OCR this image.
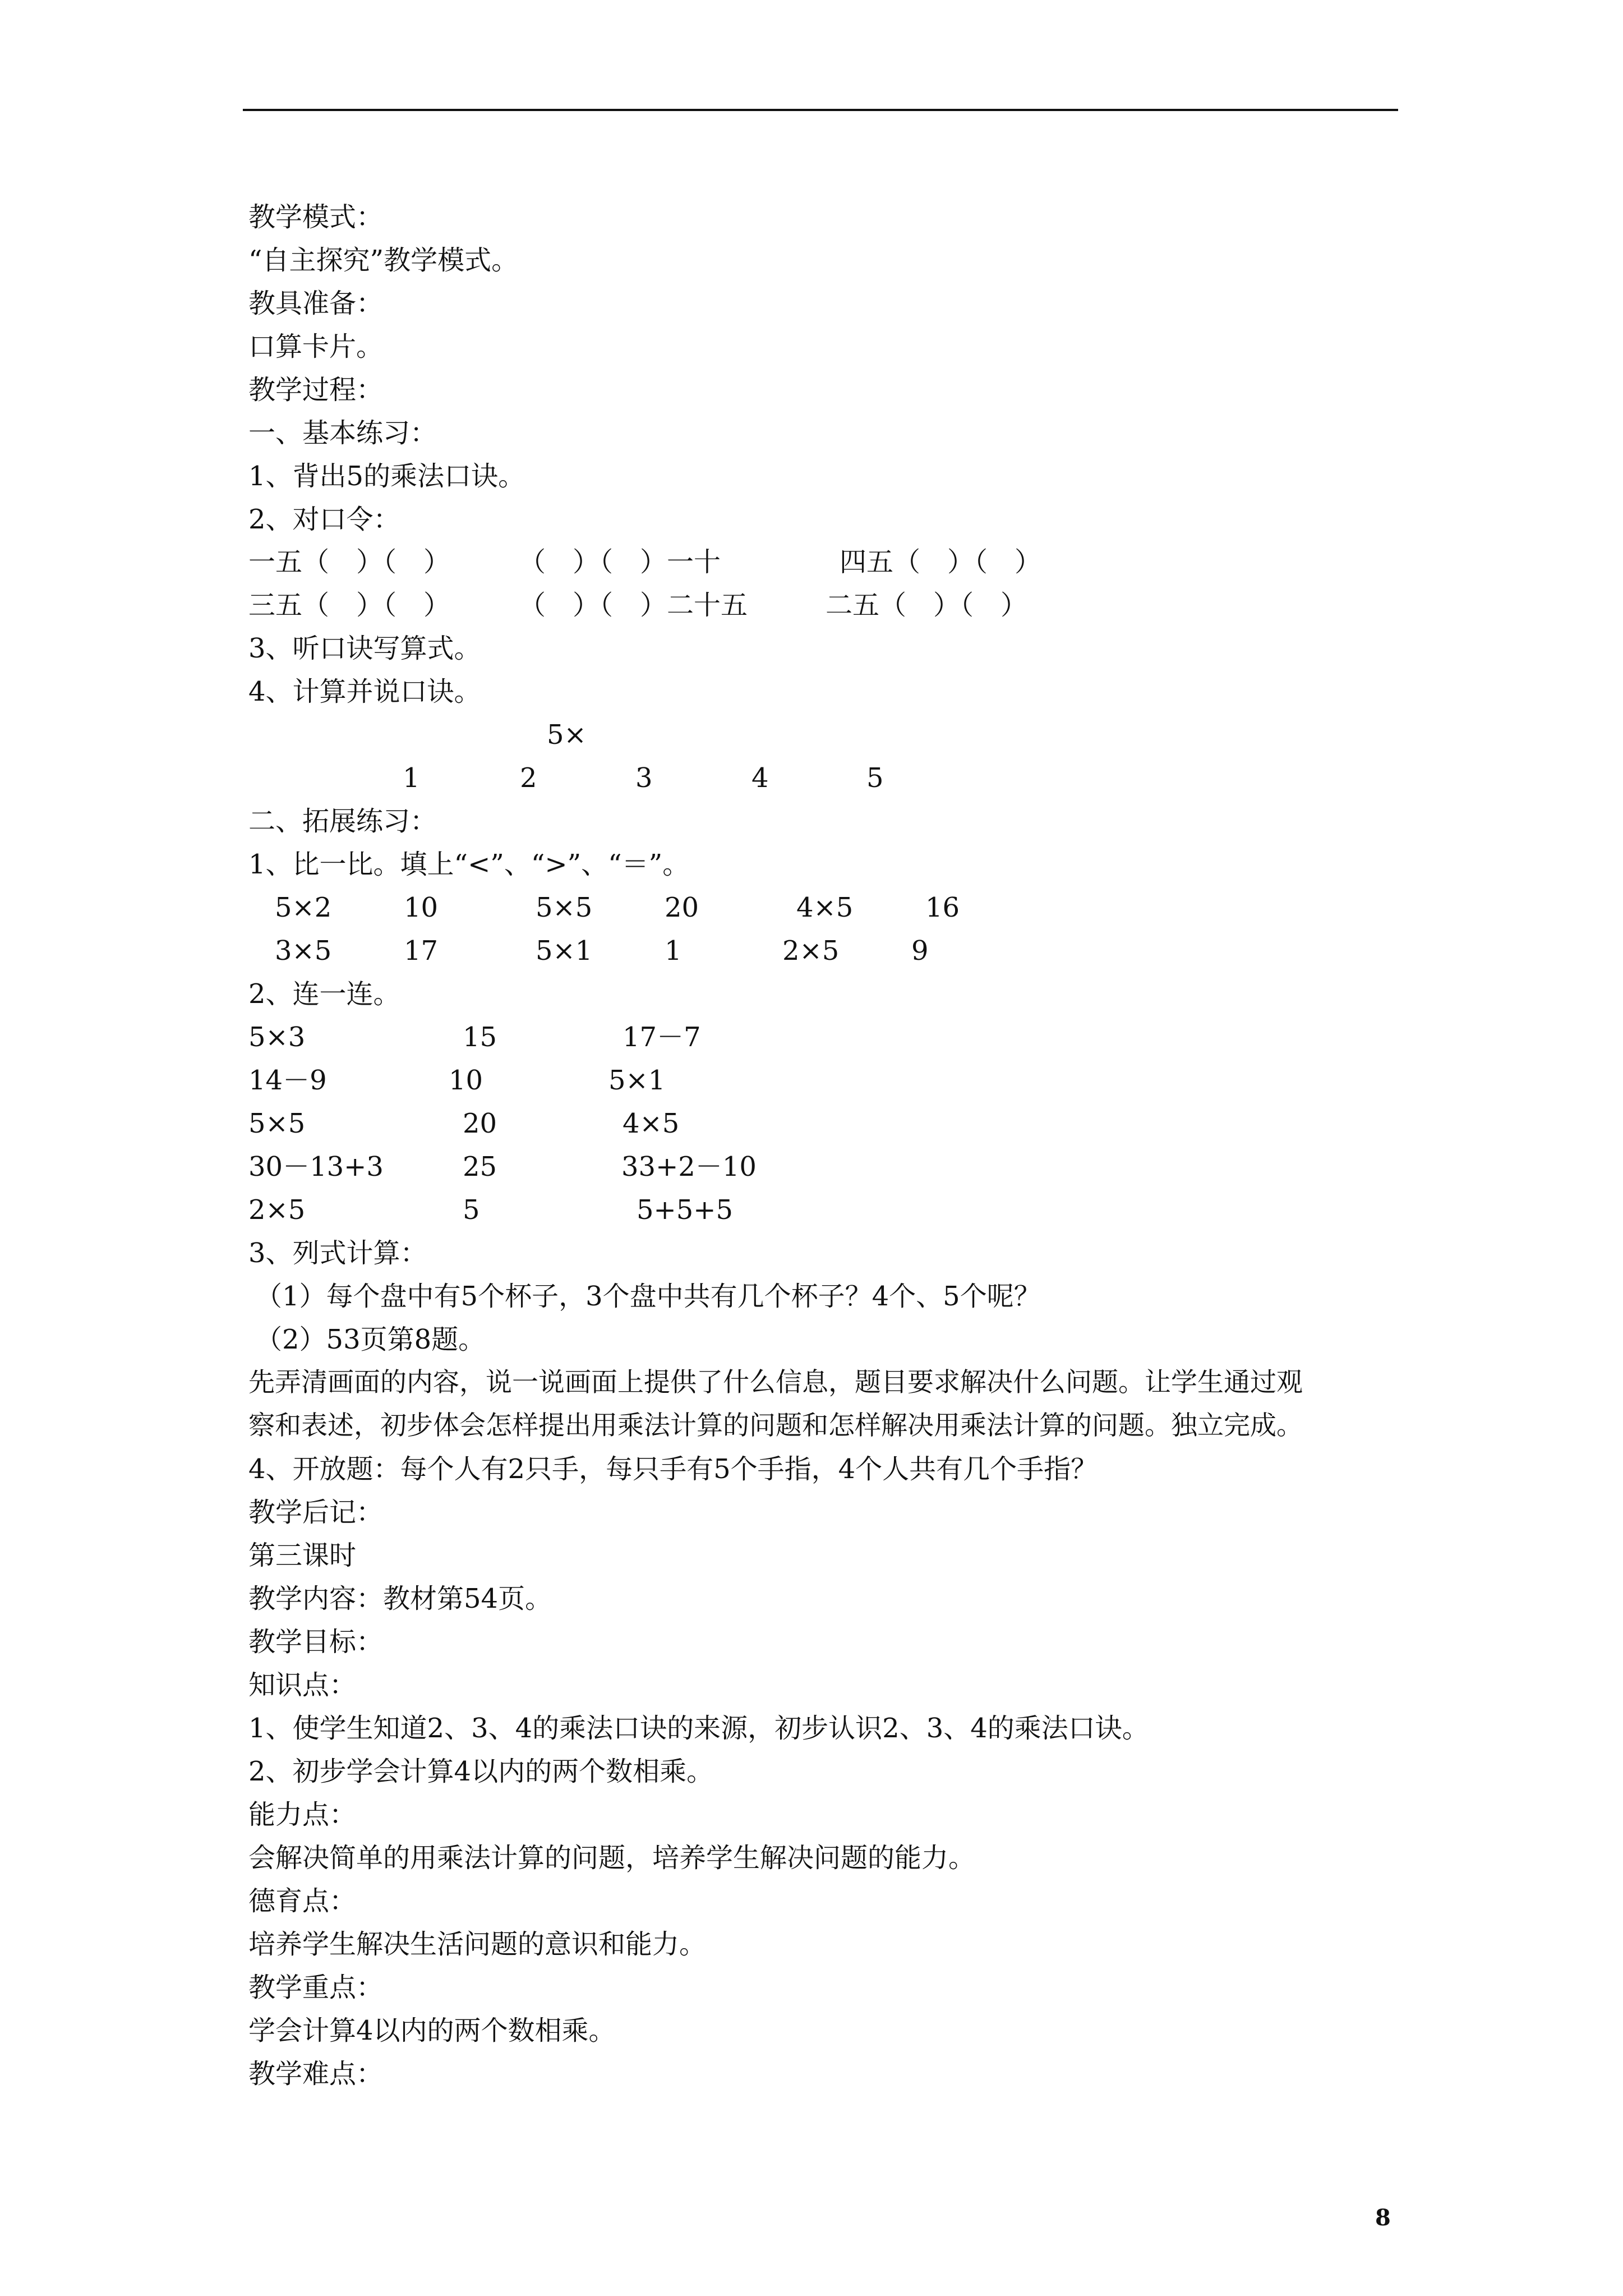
教学模式：
“自主探究”教学模式。
教具准备：
口算卡片。
教学过程：
一、基本练习：
1、背出5的乘法口诀。
2、对口令：
一五（　）（　）	（　）（　）一十	四五（　）（　）
三五（　）（　）	（　）（　）二十五	二五（　）（　）
3、听口诀写算式。
4、计算并说口诀。
5×
1	2	3	4	5
二、拓展练习：
1、比一比。填上“<”、“>”、“＝”。
5×2	10	5×5	20	4×5	16
3×5	17	5×1	1	2×5	9
2、连一连。
5×3	15	17－7
14－9	10	5×1
5×5	20	4×5
30－13+3	25	33+2－10
2×5	5	5+5+5
3、列式计算：
（1）每个盘中有5个杯子，3个盘中共有几个杯子？4个、5个呢？
（2）53页第8题。
先弄清画面的内容，说一说画面上提供了什么信息，题目要求解决什么问题。让学生通过观
察和表述，初步体会怎样提出用乘法计算的问题和怎样解决用乘法计算的问题。独立完成。
4、开放题：每个人有2只手，每只手有5个手指，4个人共有几个手指？
教学后记：
第三课时
教学内容：教材第54页。
教学目标：
知识点：
1、使学生知道2、3、4的乘法口诀的来源，初步认识2、3、4的乘法口诀。
2、初步学会计算4以内的两个数相乘。
能力点：
会解决简单的用乘法计算的问题，培养学生解决问题的能力。
德育点：
培养学生解决生活问题的意识和能力。
教学重点：
学会计算4以内的两个数相乘。
教学难点：
8
